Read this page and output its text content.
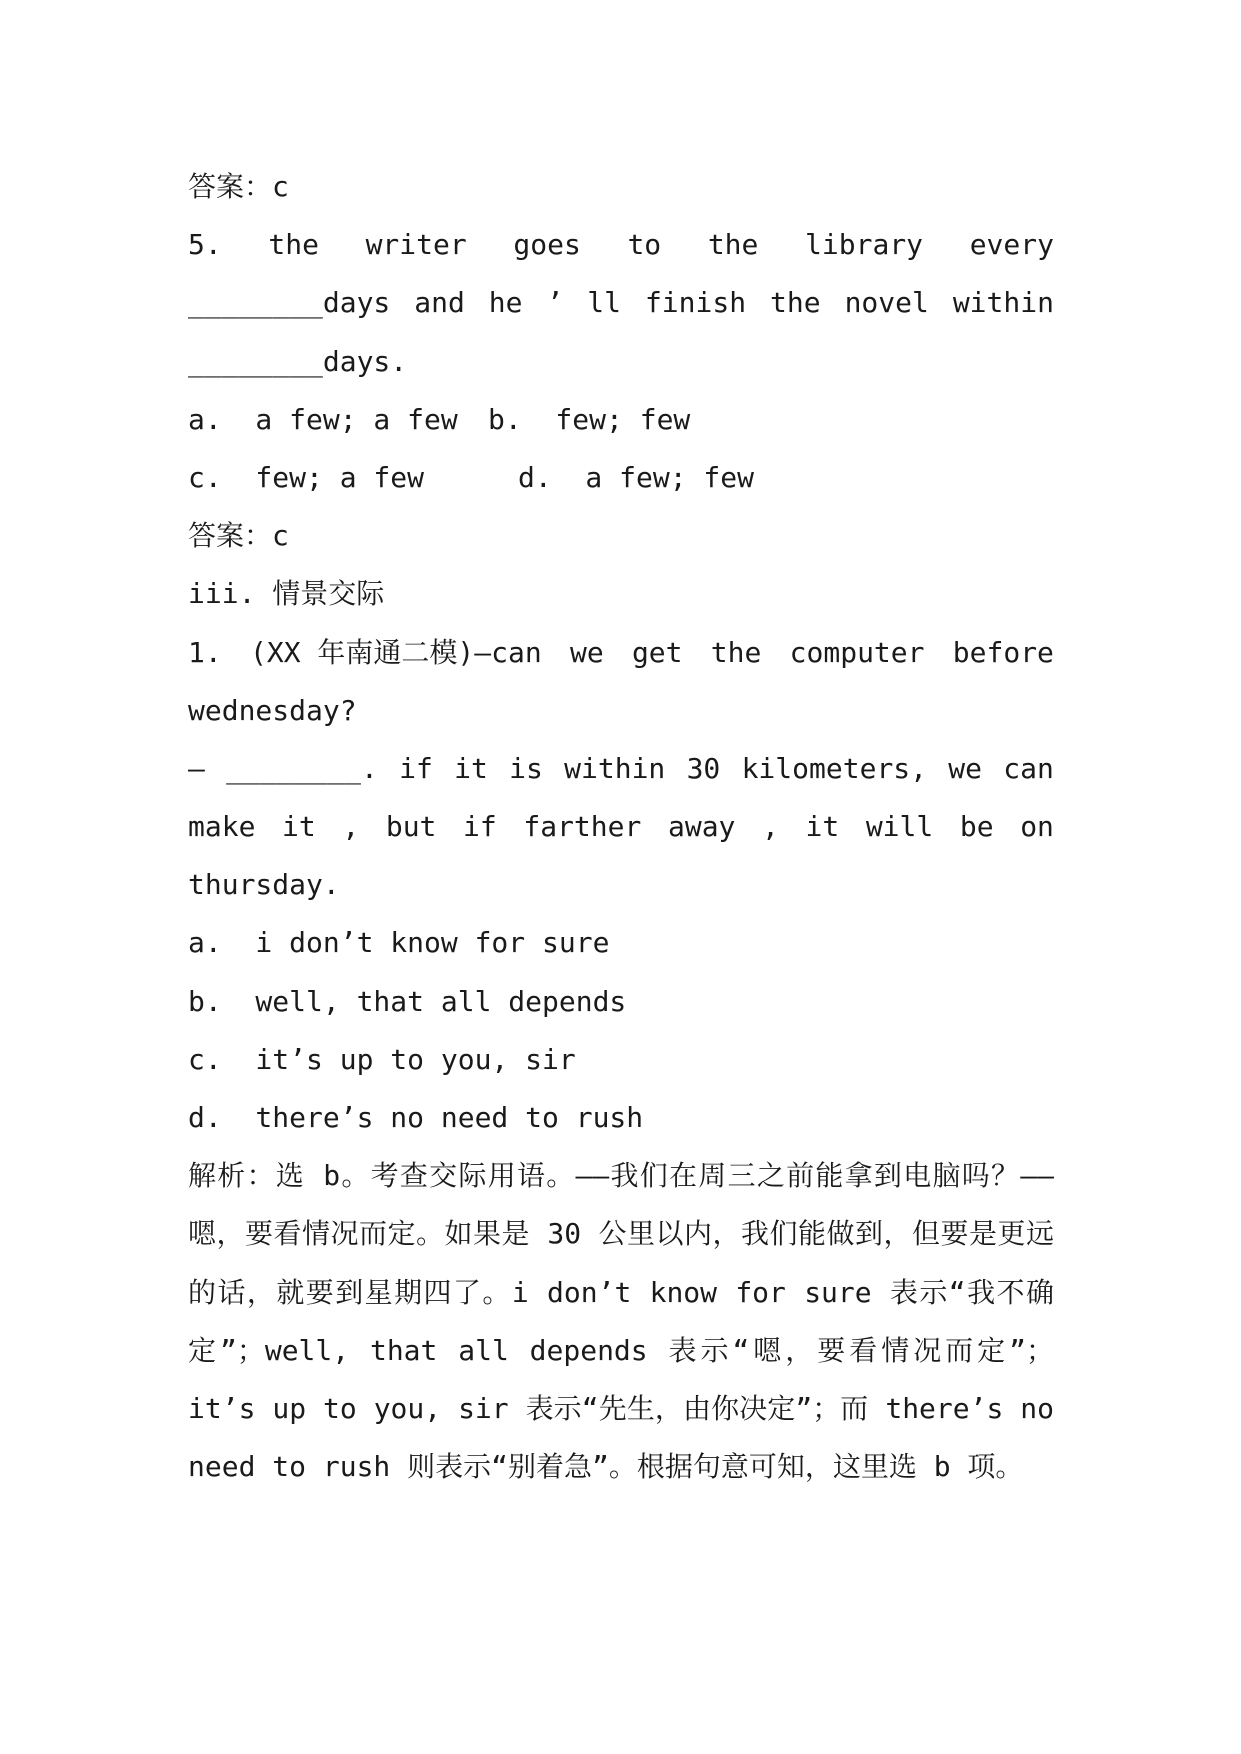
答案：c
5. the writer goes to the library every
________days and he ’ ll finish the novel within
________days.
a.  a few; a few	b.  few; few
c.  few; a few	d.  a few; few
答案：c
iii. 情景交际
1. (XX 年南通二模)—can we get the computer before
wednesday?
— ________. if it is within 30 kilometers, we can
make it , but if farther away , it will be on
thursday.
a.  i don’t know for sure
b.  well, that all depends
c.  it’s up to you, sir
d.  there’s no need to rush

解析：选 b。考查交际用语。——我们在周三之前能拿到电脑吗？——嗯，要看情况而定。如果是 30 公里以内，我们能做到，但要是更远的话，就要到星期四了。i don’t know for sure 表示“我不确定”；well, that all depends 表示“嗯，要看情况而定”；it’s up to you, sir 表示“先生，由你决定”；而 there’s no need to rush 则表示“别着急”。根据句意可知，这里选 b 项。
